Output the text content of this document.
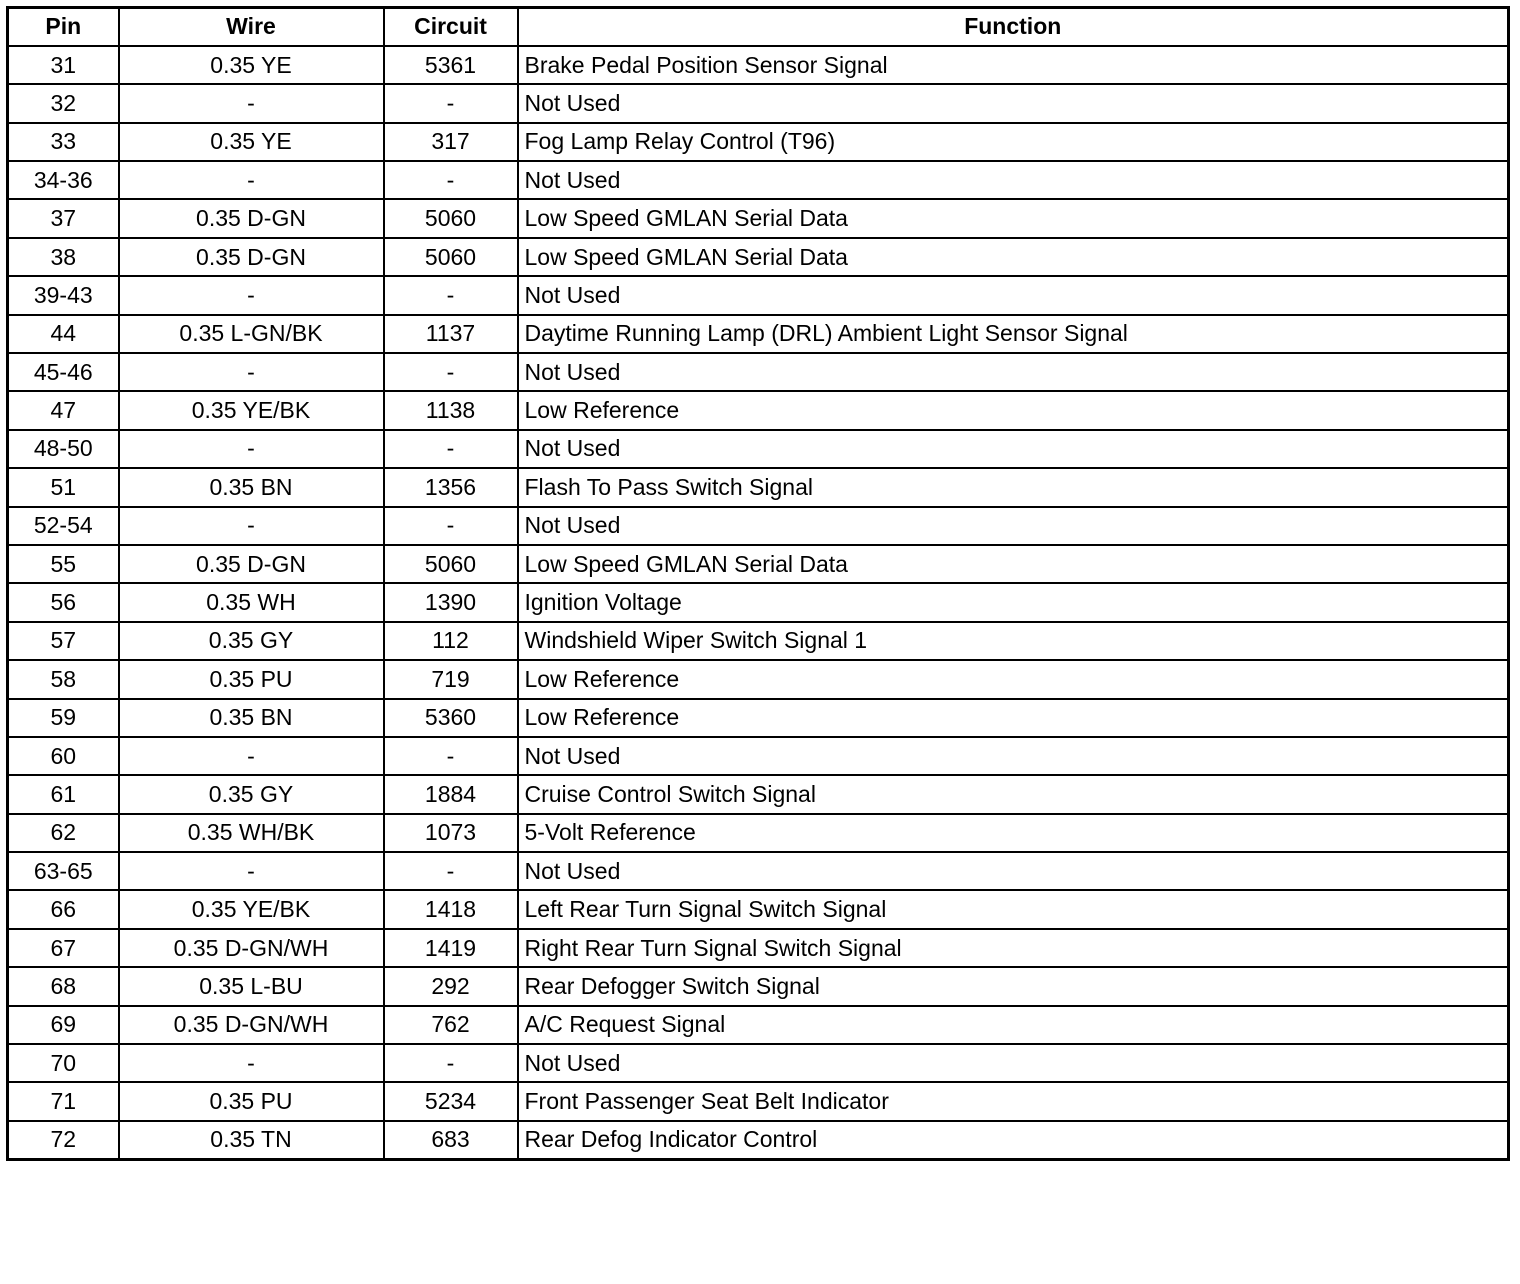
Pin	Wire	Circuit	Function
31	0.35 YE	5361	Brake Pedal Position Sensor Signal
32	-	-	Not Used
33	0.35 YE	317	Fog Lamp Relay Control (T96)
34-36	-	-	Not Used
37	0.35 D-GN	5060	Low Speed GMLAN Serial Data
38	0.35 D-GN	5060	Low Speed GMLAN Serial Data
39-43	-	-	Not Used
44	0.35 L-GN/BK	1137	Daytime Running Lamp (DRL) Ambient Light Sensor Signal
45-46	-	-	Not Used
47	0.35 YE/BK	1138	Low Reference
48-50	-	-	Not Used
51	0.35 BN	1356	Flash To Pass Switch Signal
52-54	-	-	Not Used
55	0.35 D-GN	5060	Low Speed GMLAN Serial Data
56	0.35 WH	1390	Ignition Voltage
57	0.35 GY	112	Windshield Wiper Switch Signal 1
58	0.35 PU	719	Low Reference
59	0.35 BN	5360	Low Reference
60	-	-	Not Used
61	0.35 GY	1884	Cruise Control Switch Signal
62	0.35 WH/BK	1073	5-Volt Reference
63-65	-	-	Not Used
66	0.35 YE/BK	1418	Left Rear Turn Signal Switch Signal
67	0.35 D-GN/WH	1419	Right Rear Turn Signal Switch Signal
68	0.35 L-BU	292	Rear Defogger Switch Signal
69	0.35 D-GN/WH	762	A/C Request Signal
70	-	-	Not Used
71	0.35 PU	5234	Front Passenger Seat Belt Indicator
72	0.35 TN	683	Rear Defog Indicator Control
